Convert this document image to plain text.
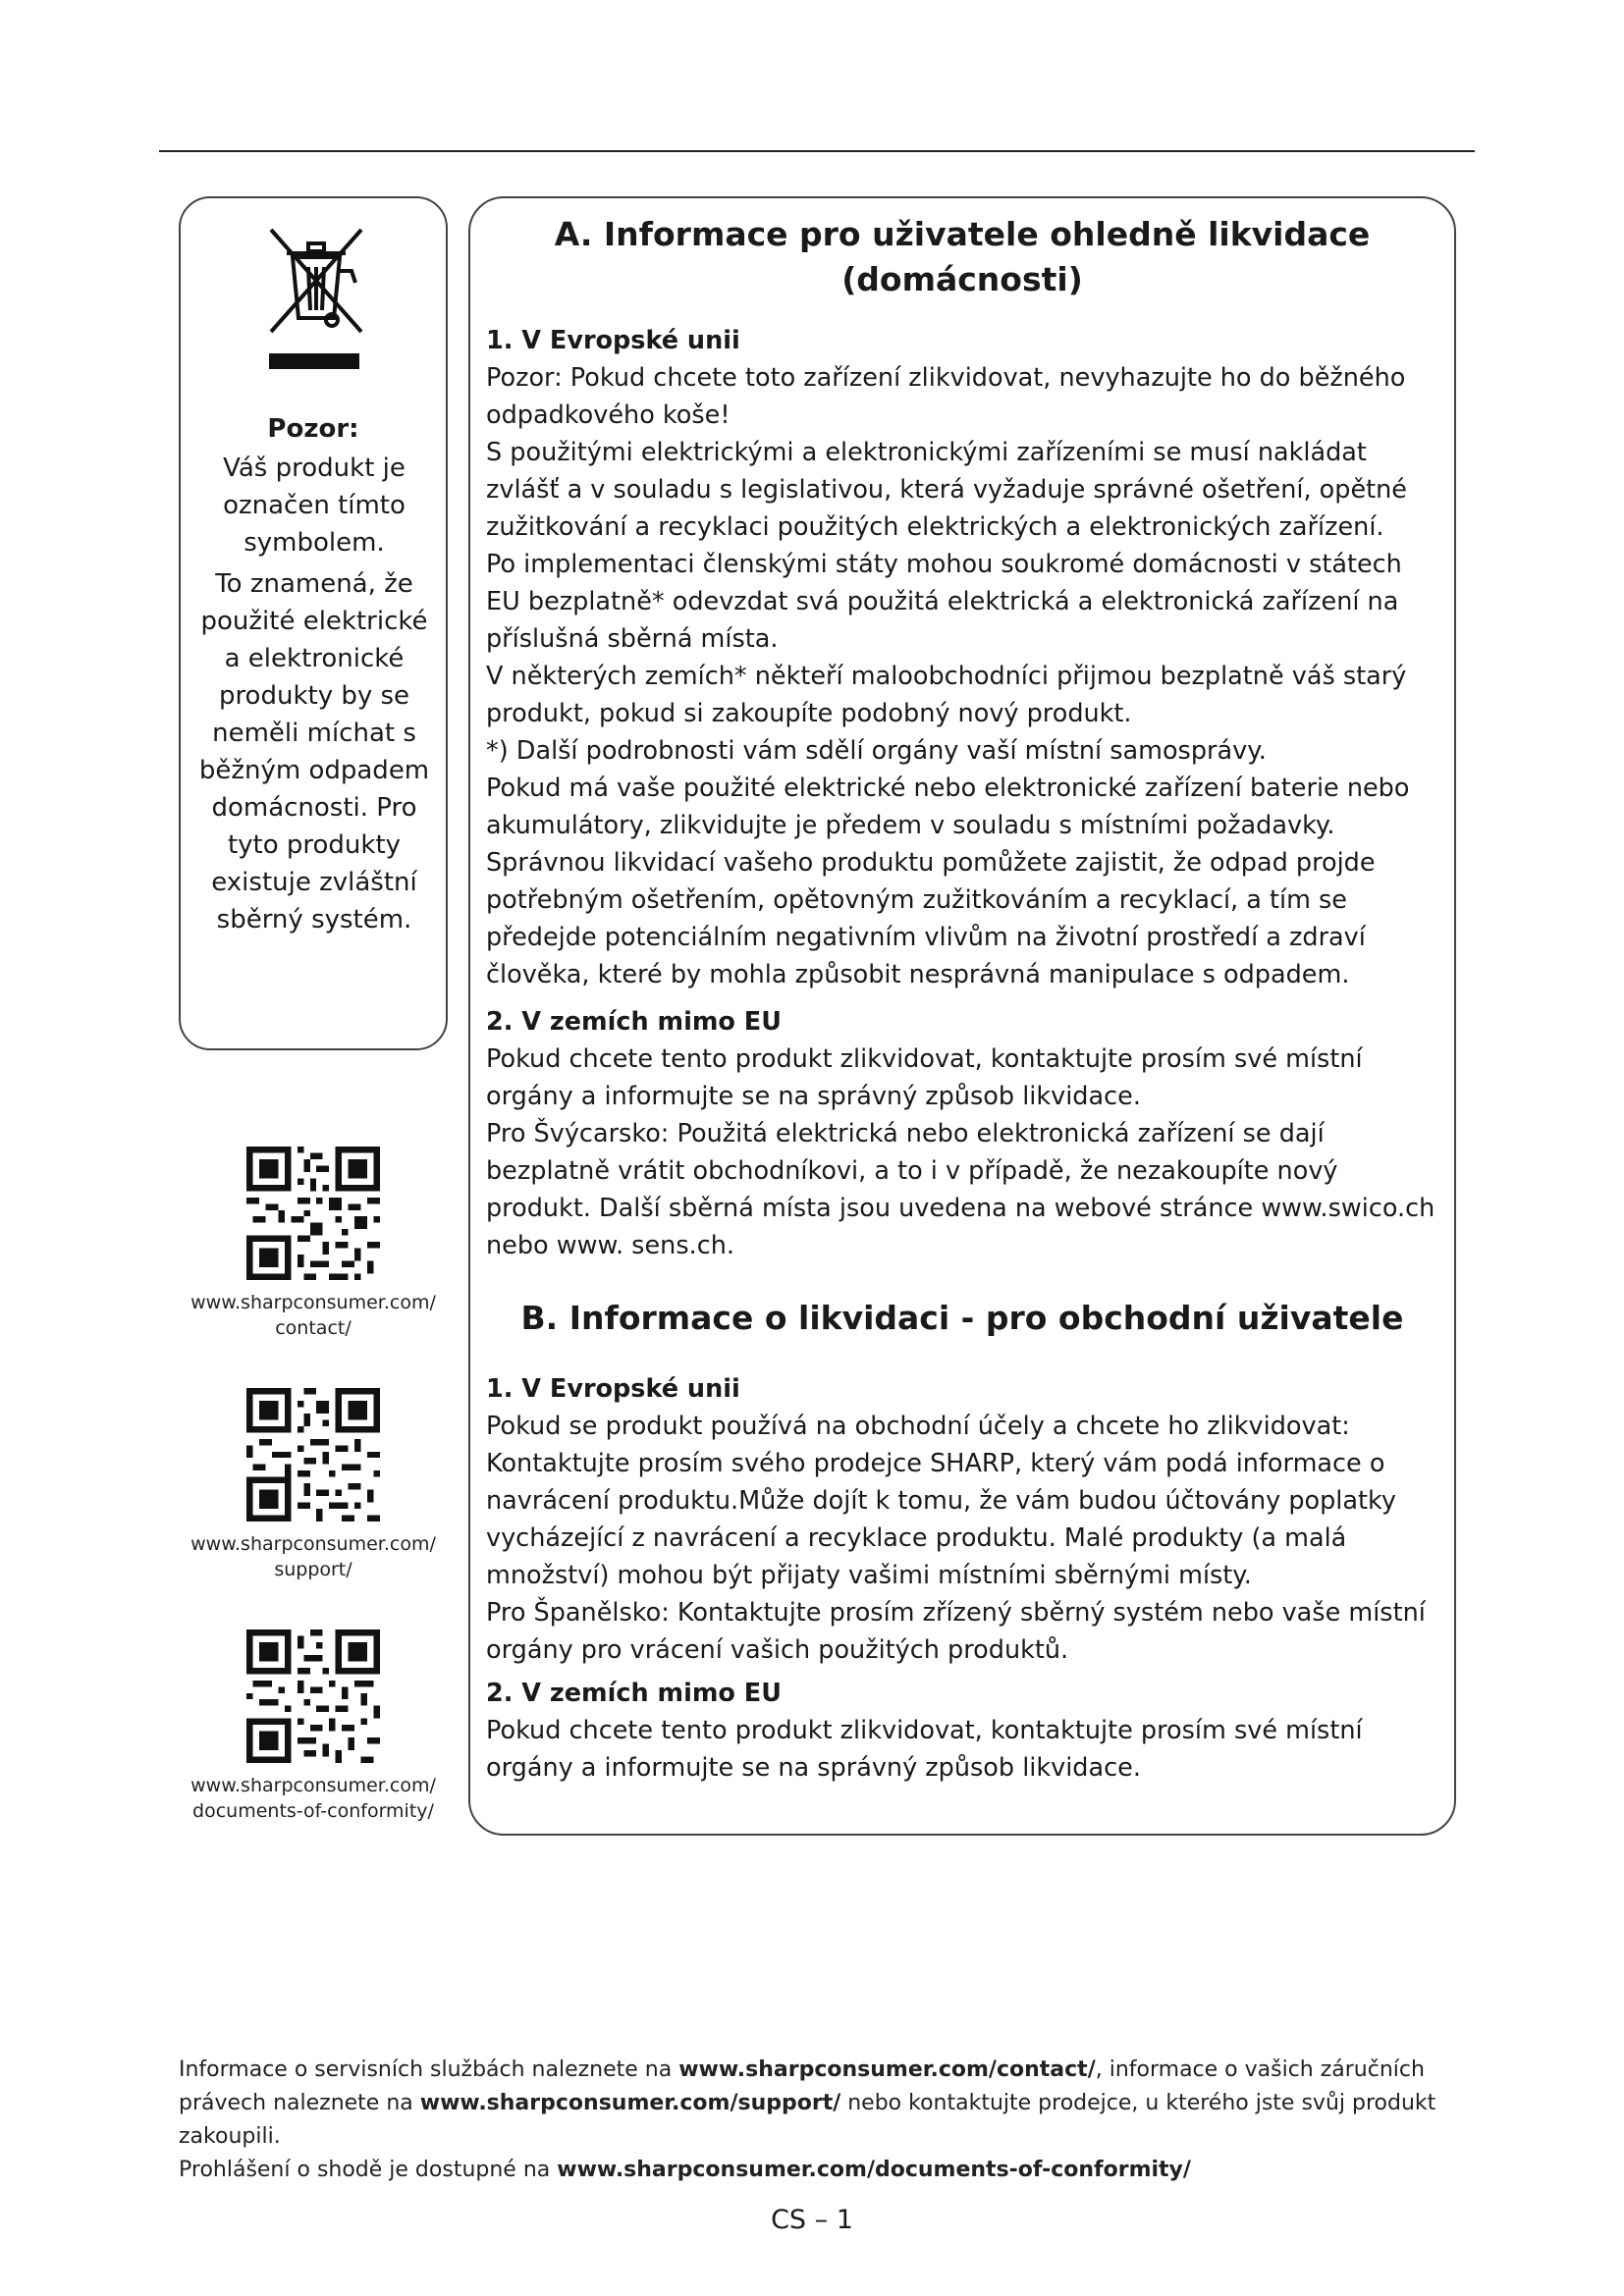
Pozor:

Váš produkt je označen tímto symbolem.

To znamená, že použité elektrické a elektronické produkty by se neměli míchat s běžným odpadem domácnosti. Pro tyto produkty existuje zvláštní sběrný systém.

www.sharpconsumer.com/ contact/
www.sharpconsumer.com/ support/
www.sharpconsumer.com/ documents-of-conformity/
A. Informace pro uživatele ohledně likvidace
(domácnosti)
1. V Evropské unii

Pozor: Pokud chcete toto zařízení zlikvidovat, nevyhazujte ho do běžného odpadkového koše!

S použitými elektrickými a elektronickými zařízeními se musí nakládat zvlášť a v souladu s legislativou, která vyžaduje správné ošetření, opětné zužitkování a recyklaci použitých elektrických a elektronických zařízení.

Po implementaci členskými státy mohou soukromé domácnosti v státech EU bezplatně* odevzdat svá použitá elektrická a elektronická zařízení na příslušná sběrná místa.

V některých zemích* někteří maloobchodníci přijmou bezplatně váš starý produkt, pokud si zakoupíte podobný nový produkt.

*) Další podrobnosti vám sdělí orgány vaší místní samosprávy.

Pokud má vaše použité elektrické nebo elektronické zařízení baterie nebo akumulátory, zlikvidujte je předem v souladu s místními požadavky.

Správnou likvidací vašeho produktu pomůžete zajistit, že odpad projde potřebným ošetřením, opětovným zužitkováním a recyklací, a tím se předejde potenciálním negativním vlivům na životní prostředí a zdraví člověka, které by mohla způsobit nesprávná manipulace s odpadem.

2. V zemích mimo EU

Pokud chcete tento produkt zlikvidovat, kontaktujte prosím své místní orgány a informujte se na správný způsob likvidace.

Pro Švýcarsko: Použitá elektrická nebo elektronická zařízení se dají bezplatně vrátit obchodníkovi, a to i v případě, že nezakoupíte nový produkt. Další sběrná místa jsou uvedena na webové stránce www.swico.ch nebo www. sens.ch.

B. Informace o likvidaci - pro obchodní uživatele
1. V Evropské unii

Pokud se produkt používá na obchodní účely a chcete ho zlikvidovat:

Kontaktujte prosím svého prodejce SHARP, který vám podá informace o navrácení produktu.Může dojít k tomu, že vám budou účtovány poplatky vycházející z navrácení a recyklace produktu. Malé produkty (a malá množství) mohou být přijaty vašimi místními sběrnými místy.

Pro Španělsko: Kontaktujte prosím zřízený sběrný systém nebo vaše místní orgány pro vrácení vašich použitých produktů.

2. V zemích mimo EU

Pokud chcete tento produkt zlikvidovat, kontaktujte prosím své místní orgány a informujte se na správný způsob likvidace.

Informace o servisních službách naleznete na www.sharpconsumer.com/contact/, informace o vašich záručních právech naleznete na www.sharpconsumer.com/support/ nebo kontaktujte prodejce, u kterého jste svůj produkt zakoupili.

Prohlášení o shodě je dostupné na www.sharpconsumer.com/documents-of-conformity/

CS – 1
